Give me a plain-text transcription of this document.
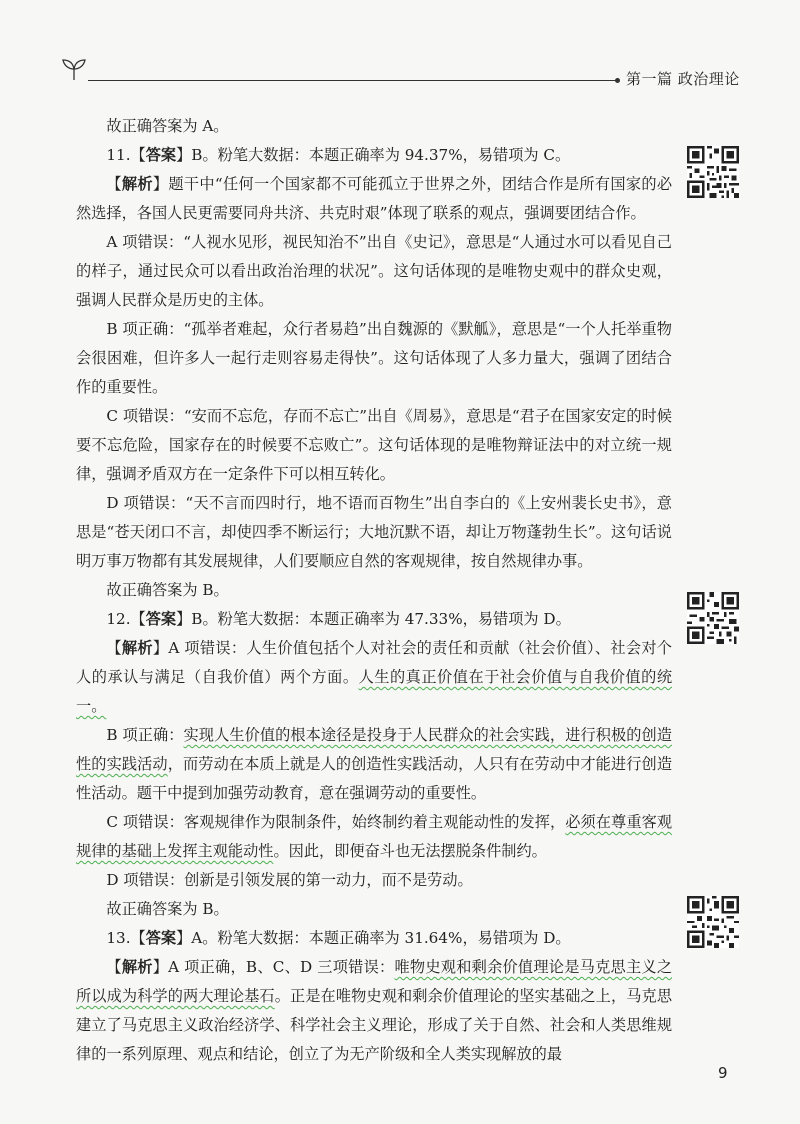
第一篇 政治理论

故正确答案为 A。

11.【答案】B。粉笔大数据：本题正确率为 94.37%，易错项为 C。

【解析】题干中“任何一个国家都不可能孤立于世界之外，团结合作是所有国家的必然选择，各国人民更需要同舟共济、共克时艰”体现了联系的观点，强调要团结合作。

A 项错误：“人视水见形，视民知治不”出自《史记》，意思是“人通过水可以看见自己的样子，通过民众可以看出政治治理的状况”。这句话体现的是唯物史观中的群众史观，强调人民群众是历史的主体。

B 项正确：“孤举者难起，众行者易趋”出自魏源的《默觚》，意思是“一个人托举重物会很困难，但许多人一起行走则容易走得快”。这句话体现了人多力量大，强调了团结合作的重要性。

C 项错误：“安而不忘危，存而不忘亡”出自《周易》，意思是“君子在国家安定的时候要不忘危险，国家存在的时候要不忘败亡”。这句话体现的是唯物辩证法中的对立统一规律，强调矛盾双方在一定条件下可以相互转化。

D 项错误：“天不言而四时行，地不语而百物生”出自李白的《上安州裴长史书》，意思是“苍天闭口不言，却使四季不断运行；大地沉默不语，却让万物蓬勃生长”。这句话说明万事万物都有其发展规律，人们要顺应自然的客观规律，按自然规律办事。

故正确答案为 B。

12.【答案】B。粉笔大数据：本题正确率为 47.33%，易错项为 D。

【解析】A 项错误：人生价值包括个人对社会的责任和贡献（社会价值）、社会对个人的承认与满足（自我价值）两个方面。人生的真正价值在于社会价值与自我价值的统一。

B 项正确：实现人生价值的根本途径是投身于人民群众的社会实践，进行积极的创造性的实践活动，而劳动在本质上就是人的创造性实践活动，人只有在劳动中才能进行创造性活动。题干中提到加强劳动教育，意在强调劳动的重要性。

C 项错误：客观规律作为限制条件，始终制约着主观能动性的发挥，必须在尊重客观规律的基础上发挥主观能动性。因此，即便奋斗也无法摆脱条件制约。

D 项错误：创新是引领发展的第一动力，而不是劳动。

故正确答案为 B。

13.【答案】A。粉笔大数据：本题正确率为 31.64%，易错项为 D。

【解析】A 项正确，B、C、D 三项错误：唯物史观和剩余价值理论是马克思主义之所以成为科学的两大理论基石。正是在唯物史观和剩余价值理论的坚实基础之上，马克思建立了马克思主义政治经济学、科学社会主义理论，形成了关于自然、社会和人类思维规律的一系列原理、观点和结论，创立了为无产阶级和全人类实现解放的最

9
